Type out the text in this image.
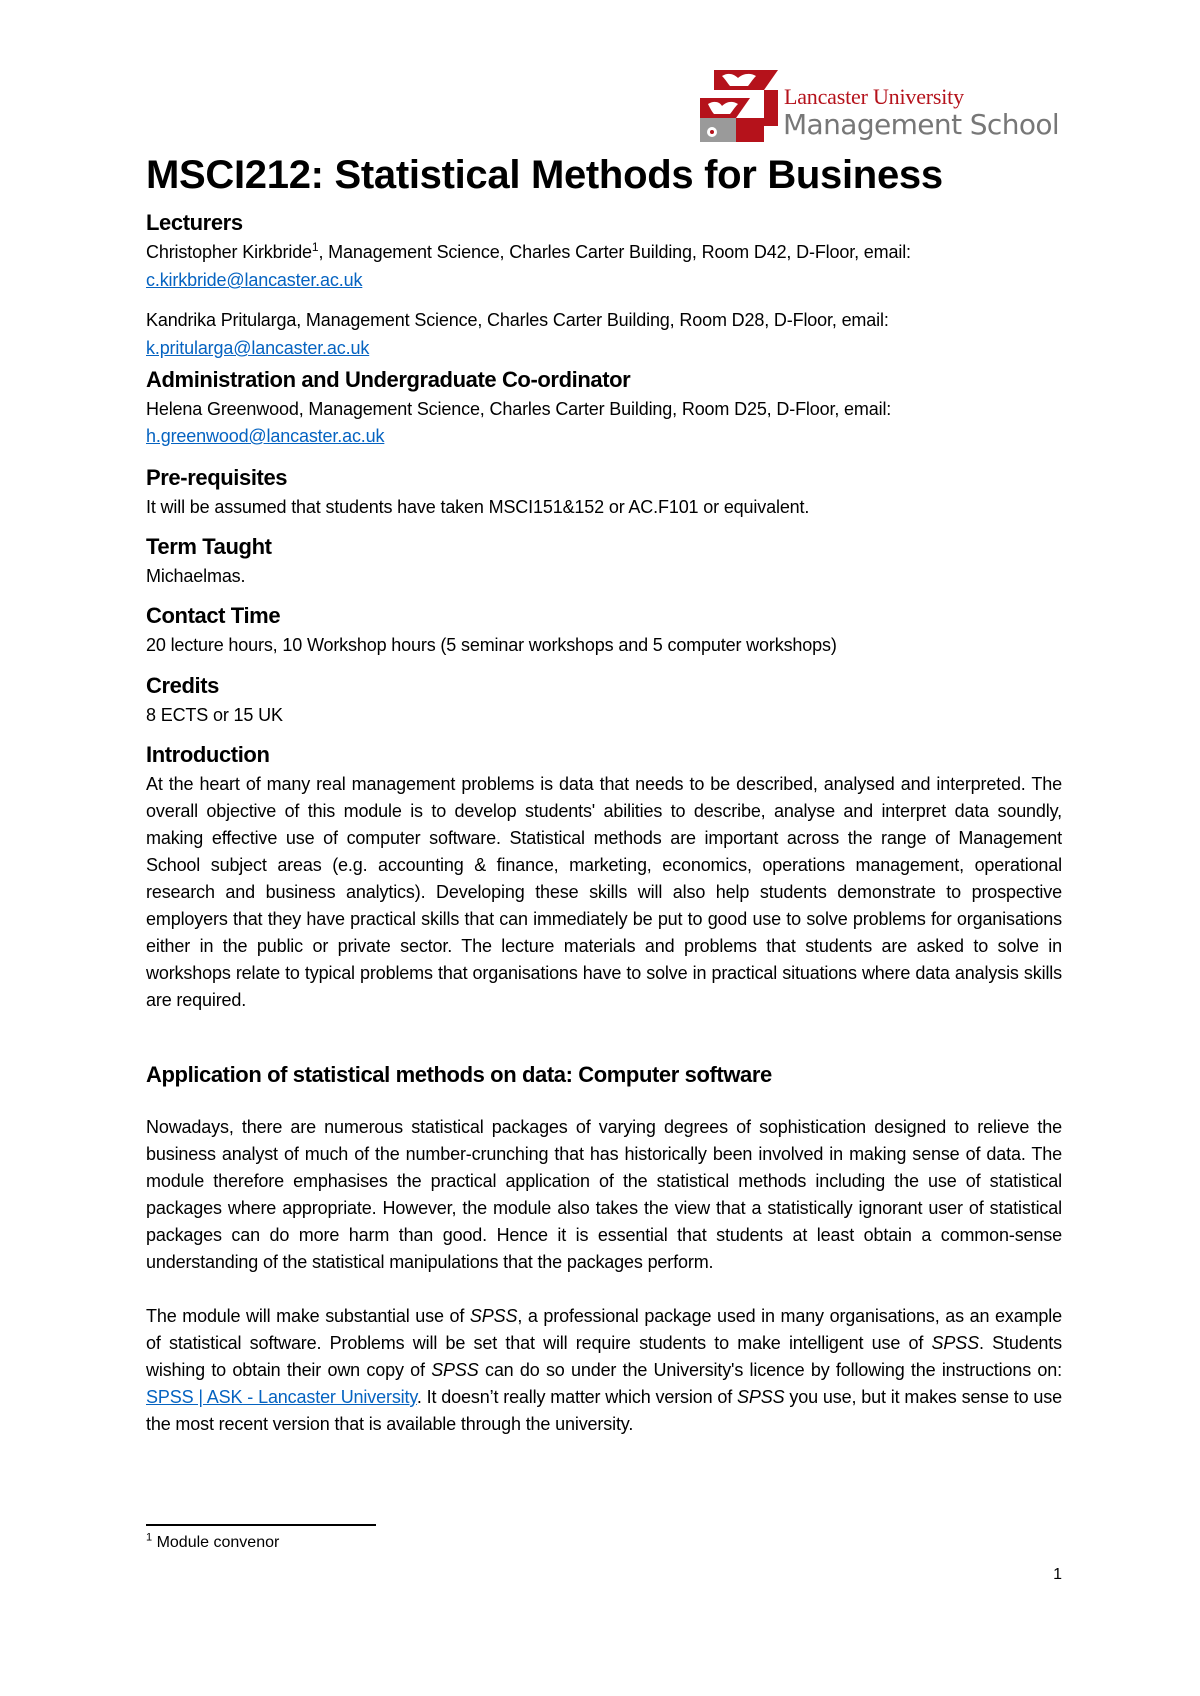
Lancaster University
Management School
MSCI212: Statistical Methods for Business
Lecturers
Christopher Kirkbride$^1$, Management Science, Charles Carter Building, Room D42, D-Floor, email:
c.kirkbride@lancaster.ac.uk
Kandrika Pritularga, Management Science, Charles Carter Building, Room D28, D-Floor, email:
k.pritularga@lancaster.ac.uk
Administration and Undergraduate Co-ordinator
Helena Greenwood, Management Science, Charles Carter Building, Room D25, D-Floor, email:
h.greenwood@lancaster.ac.uk
Pre-requisites
It will be assumed that students have taken MSCI151&152 or AC.F101 or equivalent.
Term Taught
Michaelmas.
Contact Time
20 lecture hours, 10 Workshop hours (5 seminar workshops and 5 computer workshops)
Credits
8 ECTS or 15 UK
Introduction
At the heart of many real management problems is data that needs to be described, analysed and interpreted. The overall objective of this module is to develop students' abilities to describe, analyse and interpret data soundly, making effective use of computer software. Statistical methods are important across the range of Management School subject areas (e.g. accounting & finance, marketing, economics, operations management, operational research and business analytics). Developing these skills will also help students demonstrate to prospective employers that they have practical skills that can immediately be put to good use to solve problems for organisations either in the public or private sector. The lecture materials and problems that students are asked to solve in workshops relate to typical problems that organisations have to solve in practical situations where data analysis skills are required.
Application of statistical methods on data: Computer software
Nowadays, there are numerous statistical packages of varying degrees of sophistication designed to relieve the business analyst of much of the number-crunching that has historically been involved in making sense of data. The module therefore emphasises the practical application of the statistical methods including the use of statistical packages where appropriate. However, the module also takes the view that a statistically ignorant user of statistical packages can do more harm than good. Hence it is essential that students at least obtain a common-sense understanding of the statistical manipulations that the packages perform.
The module will make substantial use of SPSS, a professional package used in many organisations, as an example of statistical software. Problems will be set that will require students to make intelligent use of SPSS. Students wishing to obtain their own copy of SPSS can do so under the University's licence by following the instructions on: SPSS | ASK - Lancaster University. It doesn’t really matter which version of SPSS you use, but it makes sense to use the most recent version that is available through the university.
$^1$ Module convenor
1
